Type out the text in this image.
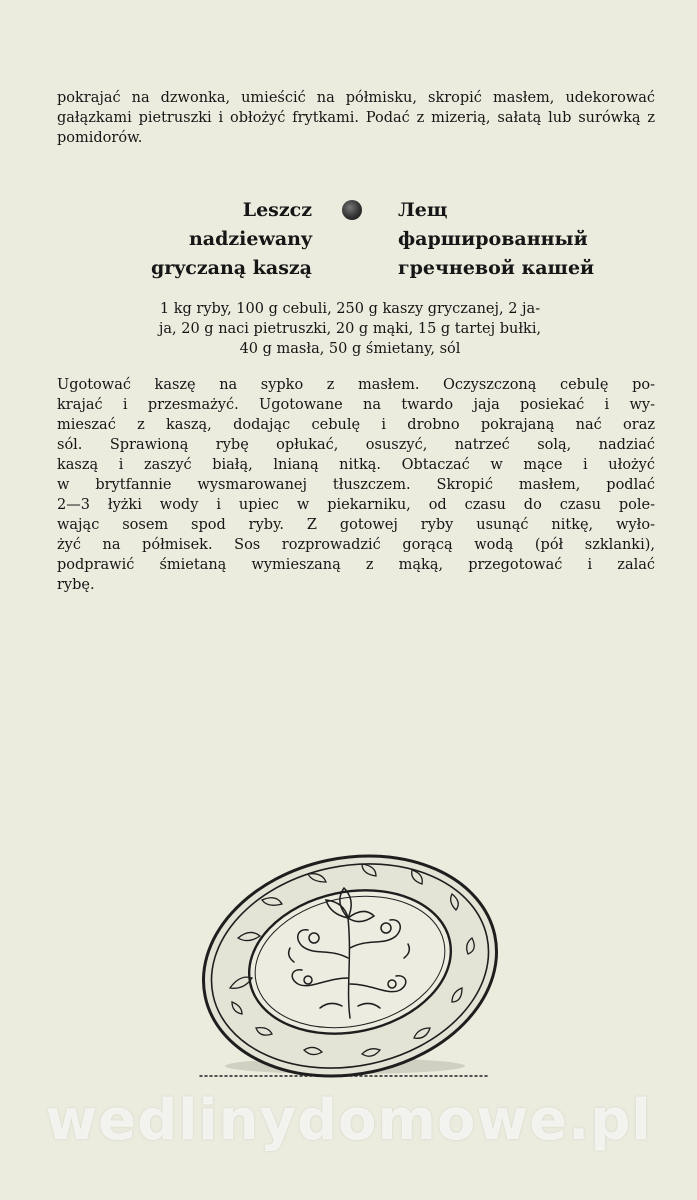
pokrajać na dzwonka, umieścić na półmisku, skropić masłem, udekorować gałązkami pietruszki i obłożyć frytkami. Podać z mizerią, sałatą lub surówką z pomidorów.

Leszcz
nadziewany
gryczaną kaszą
Лещ
фаршированный
гречневой кашей

1 kg ryby, 100 g cebuli, 250 g kaszy gryczanej, 2 ja-
ja, 20 g naci pietruszki, 20 g mąki, 15 g tartej bułki,
40 g masła, 50 g śmietany, sól

Ugotować kaszę na sypko z masłem. Oczyszczoną cebulę po-
krajać i przesmażyć. Ugotowane na twardo jaja posiekać i wy-
mieszać z kaszą, dodając cebulę i drobno pokrajaną nać oraz
sól. Sprawioną rybę opłukać, osuszyć, natrzeć solą, nadziać
kaszą i zaszyć białą, lnianą nitką. Obtaczać w mące i ułożyć
w brytfannie wysmarowanej tłuszczem. Skropić masłem, podlać
2—3 łyżki wody i upiec w piekarniku, od czasu do czasu pole-
wając sosem spod ryby. Z gotowej ryby usunąć nitkę, wyło-
żyć na półmisek. Sos rozprowadzić gorącą wodą (pół szklanki),
podprawić śmietaną wymieszaną z mąką, przegotować i zalać
rybę.

wedlinydomowe.pl
